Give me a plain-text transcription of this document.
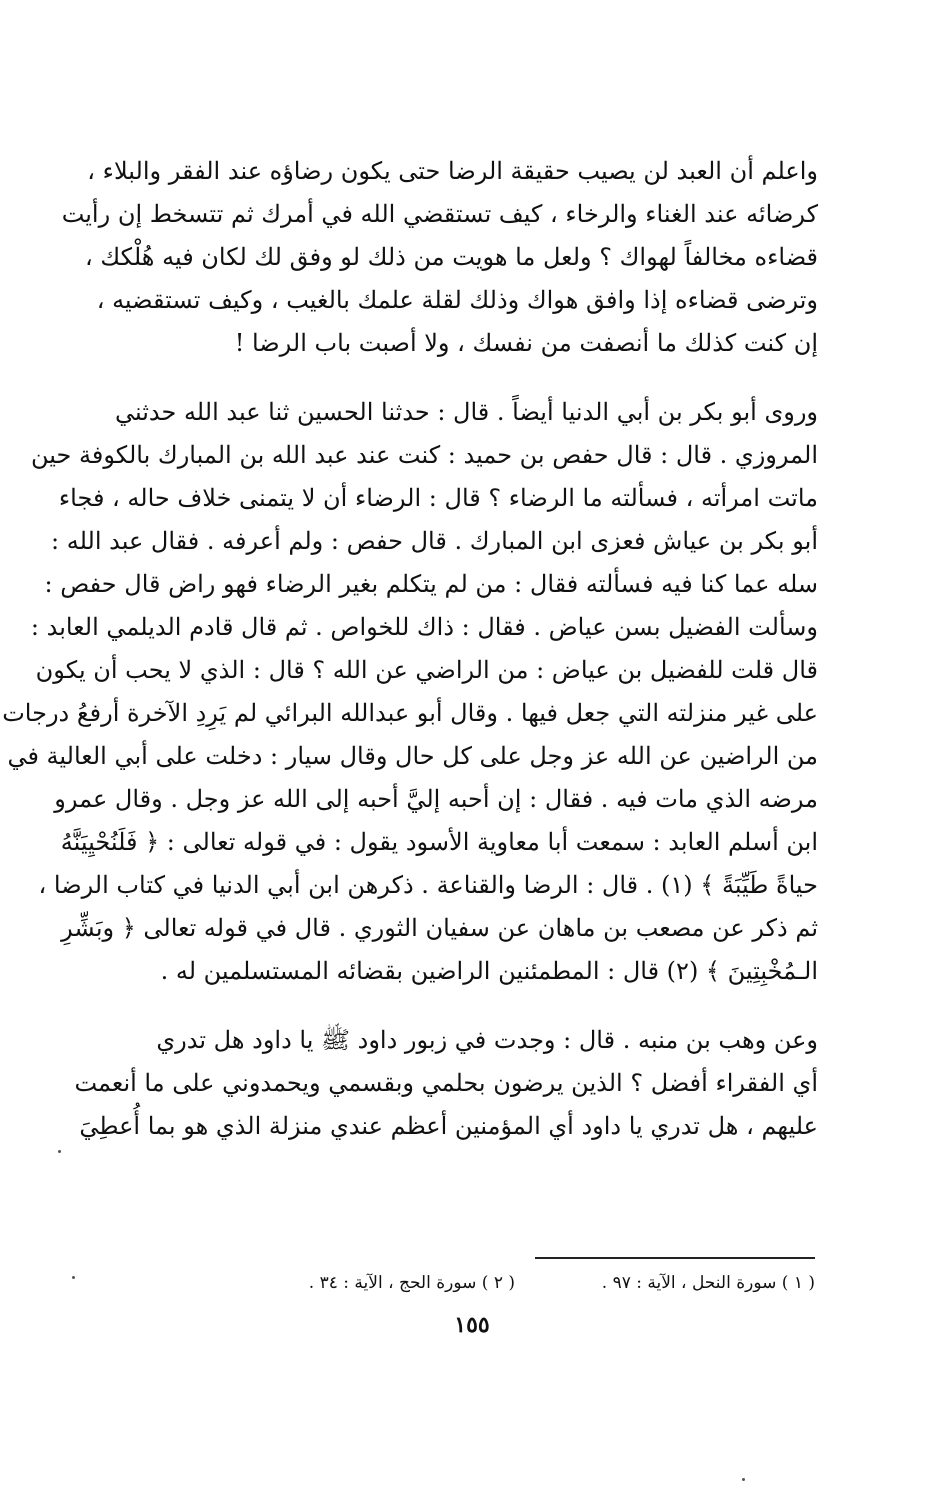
واعلم أن العبد لن يصيب حقيقة الرضا حتى يكون رضاؤه عند الفقر والبلاء ،
كرضائه عند الغناء والرخاء ، كيف تستقضي الله في أمرك ثم تتسخط إن رأيت
قضاءه مخالفاً لهواك ؟ ولعل ما هويت من ذلك لو وفق لك لكان فيه هُلْكك ،
وترضى قضاءه إذا وافق هواك وذلك لقلة علمك بالغيب ، وكيف تستقضيه ،
إن كنت كذلك ما أنصفت من نفسك ، ولا أصبت باب الرضا !
وروى أبو بكر بن أبي الدنيا أيضاً . قال : حدثنا الحسين ثنا عبد الله حدثني
المروزي . قال : قال حفص بن حميد : كنت عند عبد الله بن المبارك بالكوفة حين
ماتت امرأته ، فسألته ما الرضاء ؟ قال : الرضاء أن لا يتمنى خلاف حاله ، فجاء
أبو بكر بن عياش فعزى ابن المبارك . قال حفص : ولم أعرفه . فقال عبد الله :
سله عما كنا فيه فسألته فقال : من لم يتكلم بغير الرضاء فهو راض قال حفص :
وسألت الفضيل بسن عياض . فقال : ذاك للخواص . ثم قال قادم الديلمي العابد :
قال قلت للفضيل بن عياض : من الراضي عن الله ؟ قال : الذي لا يحب أن يكون
على غير منزلته التي جعل فيها . وقال أبو عبدالله البرائي لم يَرِدِ الآخرة أرفعُ درجات
من الراضين عن الله عز وجل على كل حال وقال سيار : دخلت على أبي العالية في
مرضه الذي مات فيه . فقال : إن أحبه إليَّ أحبه إلى الله عز وجل . وقال عمرو
ابن أسلم العابد : سمعت أبا معاوية الأسود يقول : في قوله تعالى : ﴿ فَلَنُحْيِيَنَّهُ
حياةً طَيِّبَةً ﴾ (١) . قال : الرضا والقناعة . ذكرهن ابن أبي الدنيا في كتاب الرضا ،
ثم ذكر عن مصعب بن ماهان عن سفيان الثوري . قال في قوله تعالى ﴿ وبَشِّرِ
الـمُخْبِتِينَ ﴾ (٢) قال : المطمئنين الراضين بقضائه المستسلمين له .
وعن وهب بن منبه . قال : وجدت في زبور داود ﷺ يا داود هل تدري
أي الفقراء أفضل ؟ الذين يرضون بحلمي وبقسمي ويحمدوني على ما أنعمت
عليهم ، هل تدري يا داود أي المؤمنين أعظم عندي منزلة الذي هو بما أُعطِيَ
( ١ ) سورة النحل ، الآية : ٩٧ .
( ٢ ) سورة الحج ، الآية : ٣٤ .
١٥٥
